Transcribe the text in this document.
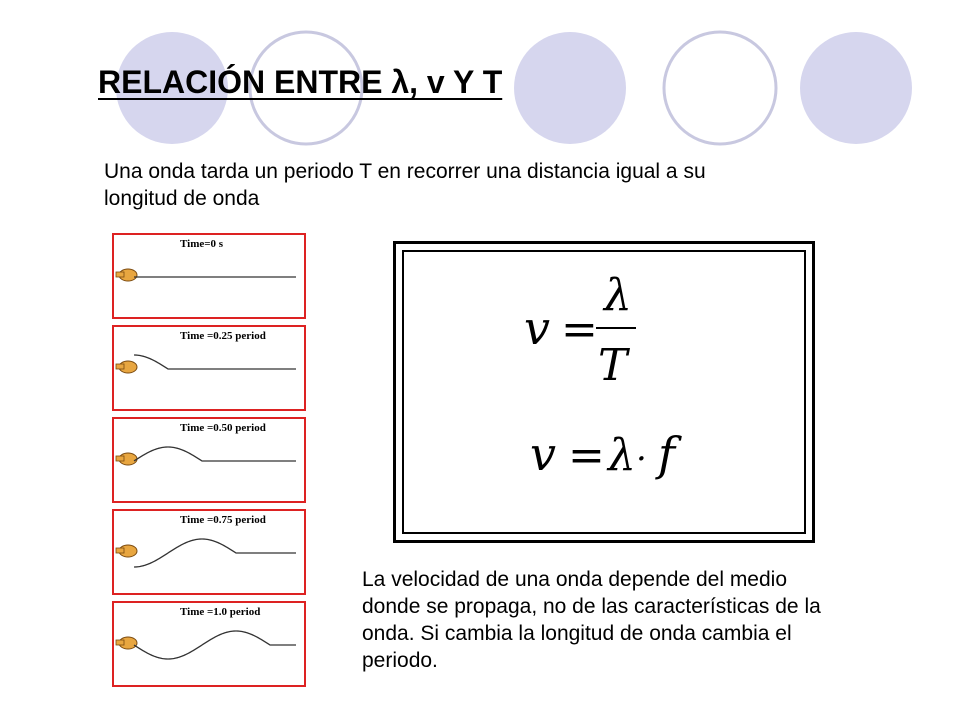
RELACIÓN ENTRE λ, v Y T
Una onda tarda un periodo T en recorrer una distancia igual a su longitud de onda
Time=0 s
Time =0.25 period
Time =0.50 period
Time =0.75 period
Time =1.0 period
v =
λ
T
v = λ · f
La velocidad de una onda depende del medio donde se propaga, no de las características de la onda. Si cambia la longitud de onda cambia el periodo.
